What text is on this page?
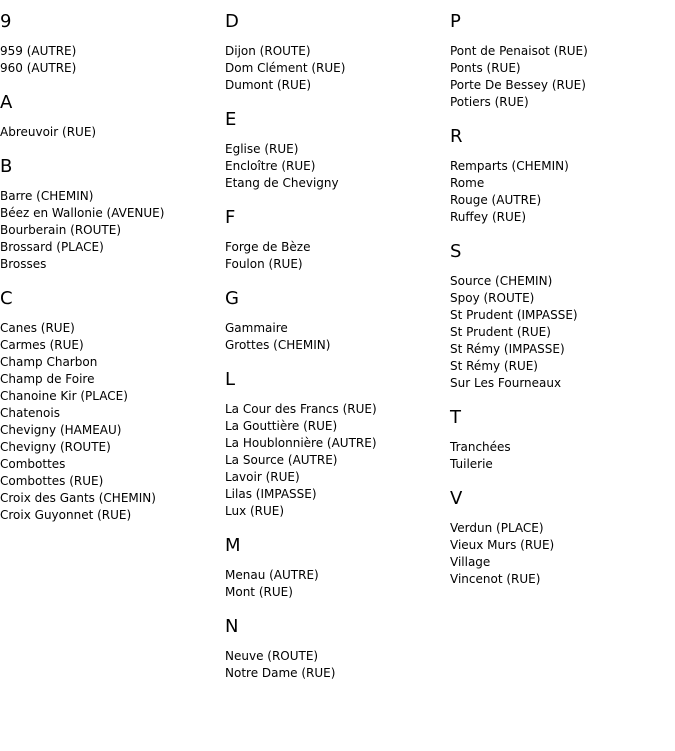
9
959 (AUTRE)
960 (AUTRE)
A
Abreuvoir (RUE)
B
Barre (CHEMIN)
Béez en Wallonie (AVENUE)
Bourberain (ROUTE)
Brossard (PLACE)
Brosses
C
Canes (RUE)
Carmes (RUE)
Champ Charbon
Champ de Foire
Chanoine Kir (PLACE)
Chatenois
Chevigny (HAMEAU)
Chevigny (ROUTE)
Combottes
Combottes (RUE)
Croix des Gants (CHEMIN)
Croix Guyonnet (RUE)
D
Dijon (ROUTE)
Dom Clément (RUE)
Dumont (RUE)
E
Eglise (RUE)
Encloître (RUE)
Etang de Chevigny
F
Forge de Bèze
Foulon (RUE)
G
Gammaire
Grottes (CHEMIN)
L
La Cour des Francs (RUE)
La Gouttière (RUE)
La Houblonnière (AUTRE)
La Source (AUTRE)
Lavoir (RUE)
Lilas (IMPASSE)
Lux (RUE)
M
Menau (AUTRE)
Mont (RUE)
N
Neuve (ROUTE)
Notre Dame (RUE)
P
Pont de Penaisot (RUE)
Ponts (RUE)
Porte De Bessey (RUE)
Potiers (RUE)
R
Remparts (CHEMIN)
Rome
Rouge (AUTRE)
Ruffey (RUE)
S
Source (CHEMIN)
Spoy (ROUTE)
St Prudent (IMPASSE)
St Prudent (RUE)
St Rémy (IMPASSE)
St Rémy (RUE)
Sur Les Fourneaux
T
Tranchées
Tuilerie
V
Verdun (PLACE)
Vieux Murs (RUE)
Village
Vincenot (RUE)
